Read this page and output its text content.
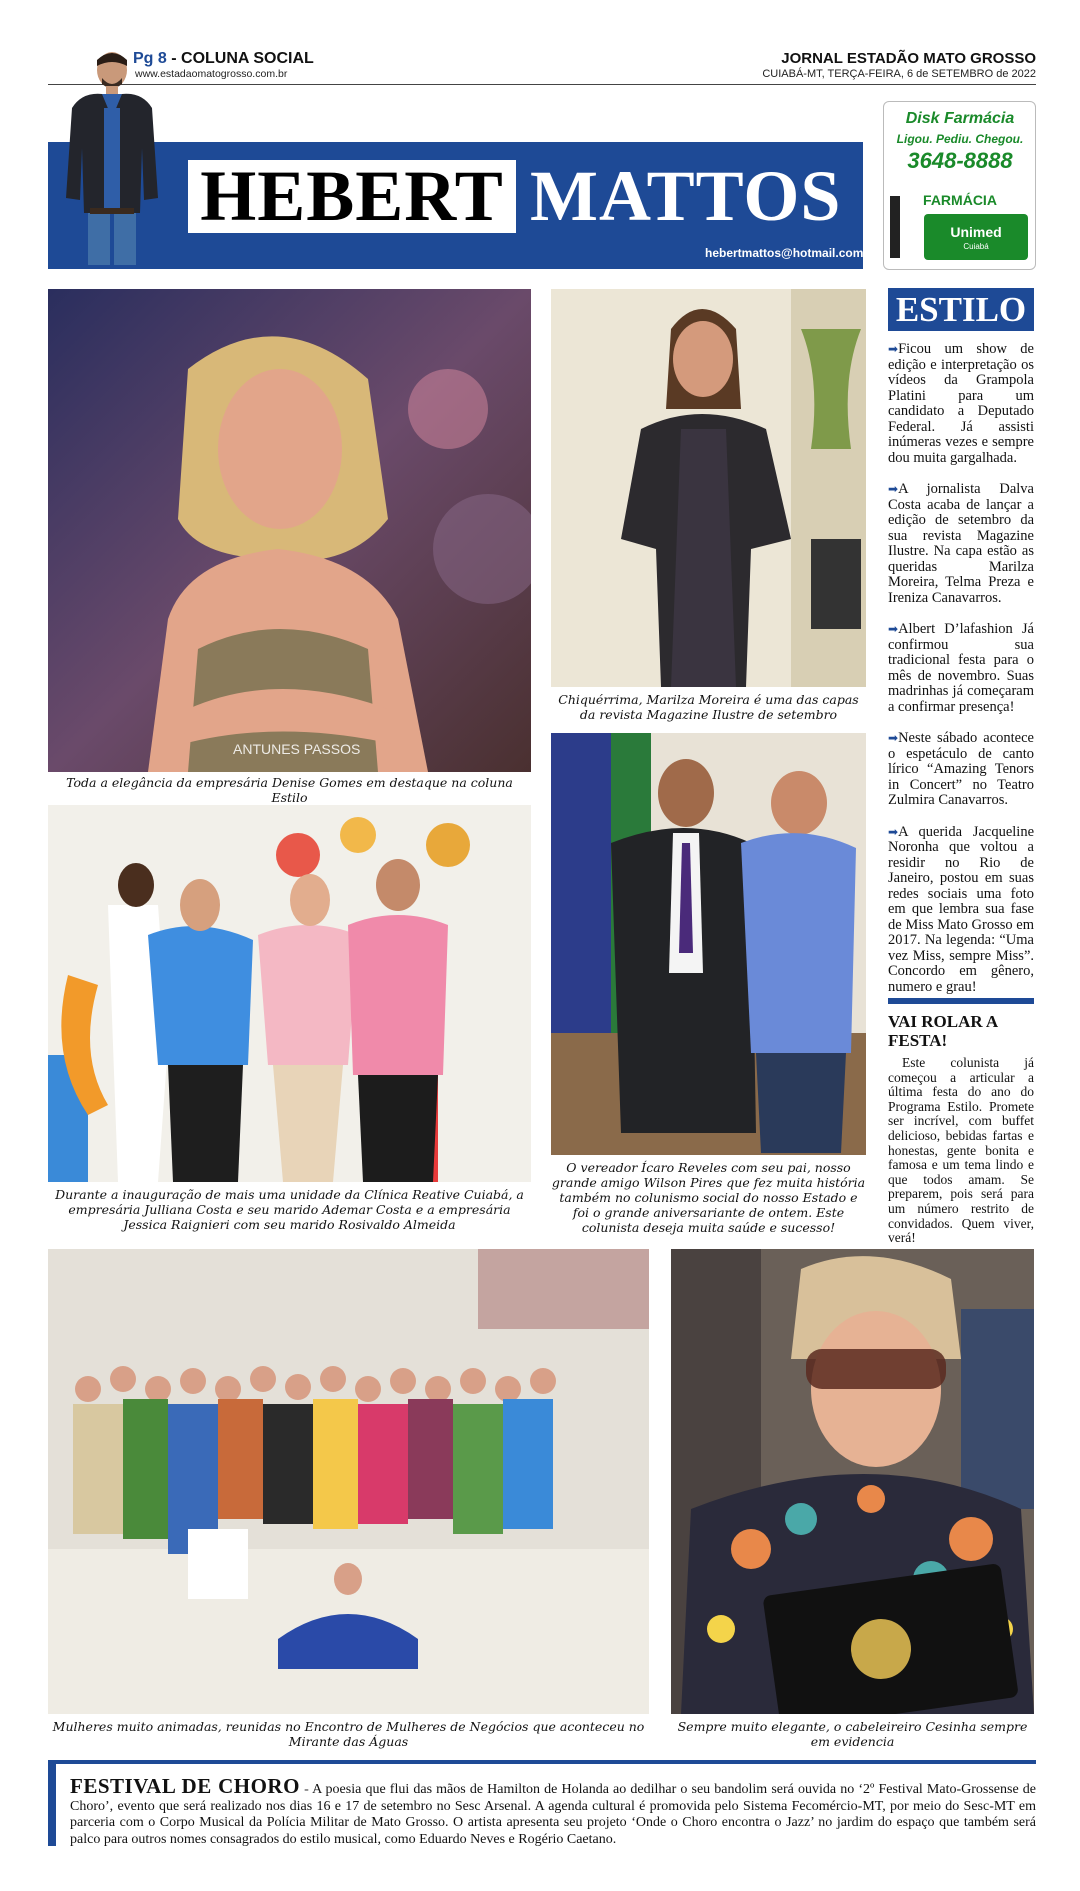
Pg 8 - COLUNA SOCIAL
www.estadaomatogrosso.com.br
JORNAL ESTADÃO MATO GROSSO
CUIABÁ-MT, TERÇA-FEIRA, 6 de SETEMBRO de 2022
HEBERT MATTOS
hebertmattos@hotmail.com
Disk Farmácia
Ligou. Pediu. Chegou.
3648-8888
FARMÁCIA
Unimed
Cuiabá
ANTUNES PASSOS
Toda a elegância da empresária Denise Gomes em destaque na coluna Estilo
Chiquérrima, Marilza Moreira é uma das capas da revista Magazine Ilustre de setembro
Durante a inauguração de mais uma unidade da Clínica Reative Cuiabá, a empresária Julliana Costa e seu marido Ademar Costa e a empresária Jessica Raignieri com seu marido Rosivaldo Almeida
O vereador Ícaro Reveles com seu pai, nosso grande amigo Wilson Pires que fez muita história também no colunismo social do nosso Estado e foi o grande aniversariante de ontem. Este colunista deseja muita saúde e sucesso!
Mulheres muito animadas, reunidas no Encontro de Mulheres de Negócios que aconteceu no Mirante das Águas
Sempre muito elegante, o cabeleireiro Cesinha sempre em evidencia
ESTILO

➡Ficou um show de edição e interpretação os vídeos da Grampola Platini para um candidato a Deputado Federal. Já assisti inúmeras vezes e sempre dou muita gargalhada.

➡A jornalista Dalva Costa acaba de lançar a edição de setembro da sua revista Magazine Ilustre. Na capa estão as queridas Marilza Moreira, Telma Preza e Ireniza Canavarros.

➡Albert D’lafashion Já confirmou sua tradicional festa para o mês de novembro. Suas madrinhas já começaram a confirmar presença!

➡Neste sábado acontece o espetáculo de canto lírico “Amazing Tenors in Concert” no Teatro Zulmira Canavarros.

➡A querida Jacqueline Noronha que voltou a residir no Rio de Janeiro, postou em suas redes sociais uma foto em que lembra sua fase de Miss Mato Grosso em 2017. Na legenda: “Uma vez Miss, sempre Miss”. Concordo em gênero, numero e grau!

VAI ROLAR A FESTA!
Este colunista já começou a articular a última festa do ano do Programa Estilo. Promete ser incrível, com buffet delicioso, bebidas fartas e honestas, gente bonita e famosa e um tema lindo e que todos amam. Se preparem, pois será para um número restrito de convidados. Quem viver, verá!
FESTIVAL DE CHORO - A poesia que flui das mãos de Hamilton de Holanda ao dedilhar o seu bandolim será ouvida no ‘2º Festival Mato-Grossense de Choro’, evento que será realizado nos dias 16 e 17 de setembro no Sesc Arsenal. A agenda cultural é promovida pelo Sistema Fecomércio-MT, por meio do Sesc-MT em parceria com o Corpo Musical da Polícia Militar de Mato Grosso. O artista apresenta seu projeto ‘Onde o Choro encontra o Jazz’ no jardim do espaço que também será palco para outros nomes consagrados do estilo musical, como Eduardo Neves e Rogério Caetano.
